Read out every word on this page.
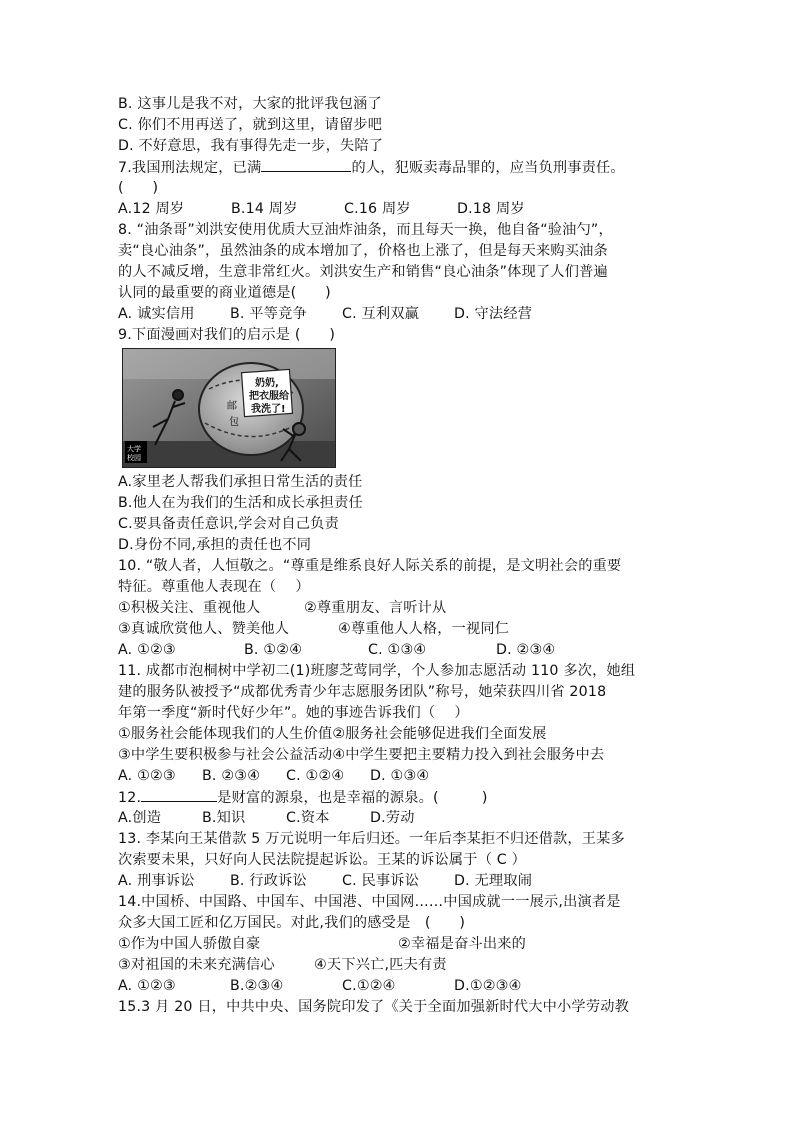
B. 这事儿是我不对，大家的批评我包涵了
C. 你们不用再送了，就到这里，请留步吧
D. 不好意思，我有事得先走一步，失陪了
7.我国刑法规定，已满	的人，犯贩卖毒品罪的，应当负刑事责任。
(　　)
A.12 周岁	B.14 周岁	C.16 周岁	D.18 周岁
8. “油条哥”刘洪安使用优质大豆油炸油条，而且每天一换，他自备“验油勺”，
卖“良心油条”，虽然油条的成本增加了，价格也上涨了，但是每天来购买油条
的人不减反增，生意非常红火。刘洪安生产和销售“良心油条”体现了人们普遍
认同的最重要的商业道德是(　　)
A. 诚实信用	B. 平等竞争	C. 互利双赢	D. 守法经营
9.下面漫画对我们的启示是 (　　)
奶奶,
把衣服给
我洗了!
邮
包
大学
校园
A.家里老人帮我们承担日常生活的责任
B.他人在为我们的生活和成长承担责任
C.要具备责任意识,学会对自己负责
D.身份不同,承担的责任也不同
10. “敬人者，人恒敬之。“尊重是维系良好人际关系的前提，是文明社会的重要
特征。尊重他人表现在（　 ）
①积极关注、重视他人	②尊重朋友、言听计从
③真诚欣赏他人、赞美他人	④尊重他人人格，一视同仁
A. ①②③	B. ①②④	C. ①③④	D. ②③④
11. 成都市泡桐树中学初二(1)班廖芝莺同学，个人参加志愿活动 110 多次，她组
建的服务队被授予“成都优秀青少年志愿服务团队”称号，她荣获四川省 2018
年第一季度“新时代好少年”。她的事迹告诉我们（　 ）
①服务社会能体现我们的人生价值②服务社会能够促进我们全面发展
③中学生要积极参与社会公益活动④中学生要把主要精力投入到社会服务中去
A. ①②③	B. ②③④	C. ①②④	D. ①③④
12.	是财富的源泉，也是幸福的源泉。(　　　)
A.创造	B.知识	C.资本	D.劳动
13. 李某向王某借款 5 万元说明一年后归还。一年后李某拒不归还借款，王某多
次索要未果，只好向人民法院提起诉讼。王某的诉讼属于（ C ）
A. 刑事诉讼	B. 行政诉讼	C. 民事诉讼	D. 无理取闹
14.中国桥、中国路、中国车、中国港、中国网……中国成就一一展示,出演者是
众多大国工匠和亿万国民。对此,我们的感受是　(　　)
①作为中国人骄傲自豪	②幸福是奋斗出来的
③对祖国的未来充满信心	④天下兴亡,匹夫有责
A. ①②③	B.②③④	C.①②④	D.①②③④
15.3 月 20 日，中共中央、国务院印发了《关于全面加强新时代大中小学劳动教
